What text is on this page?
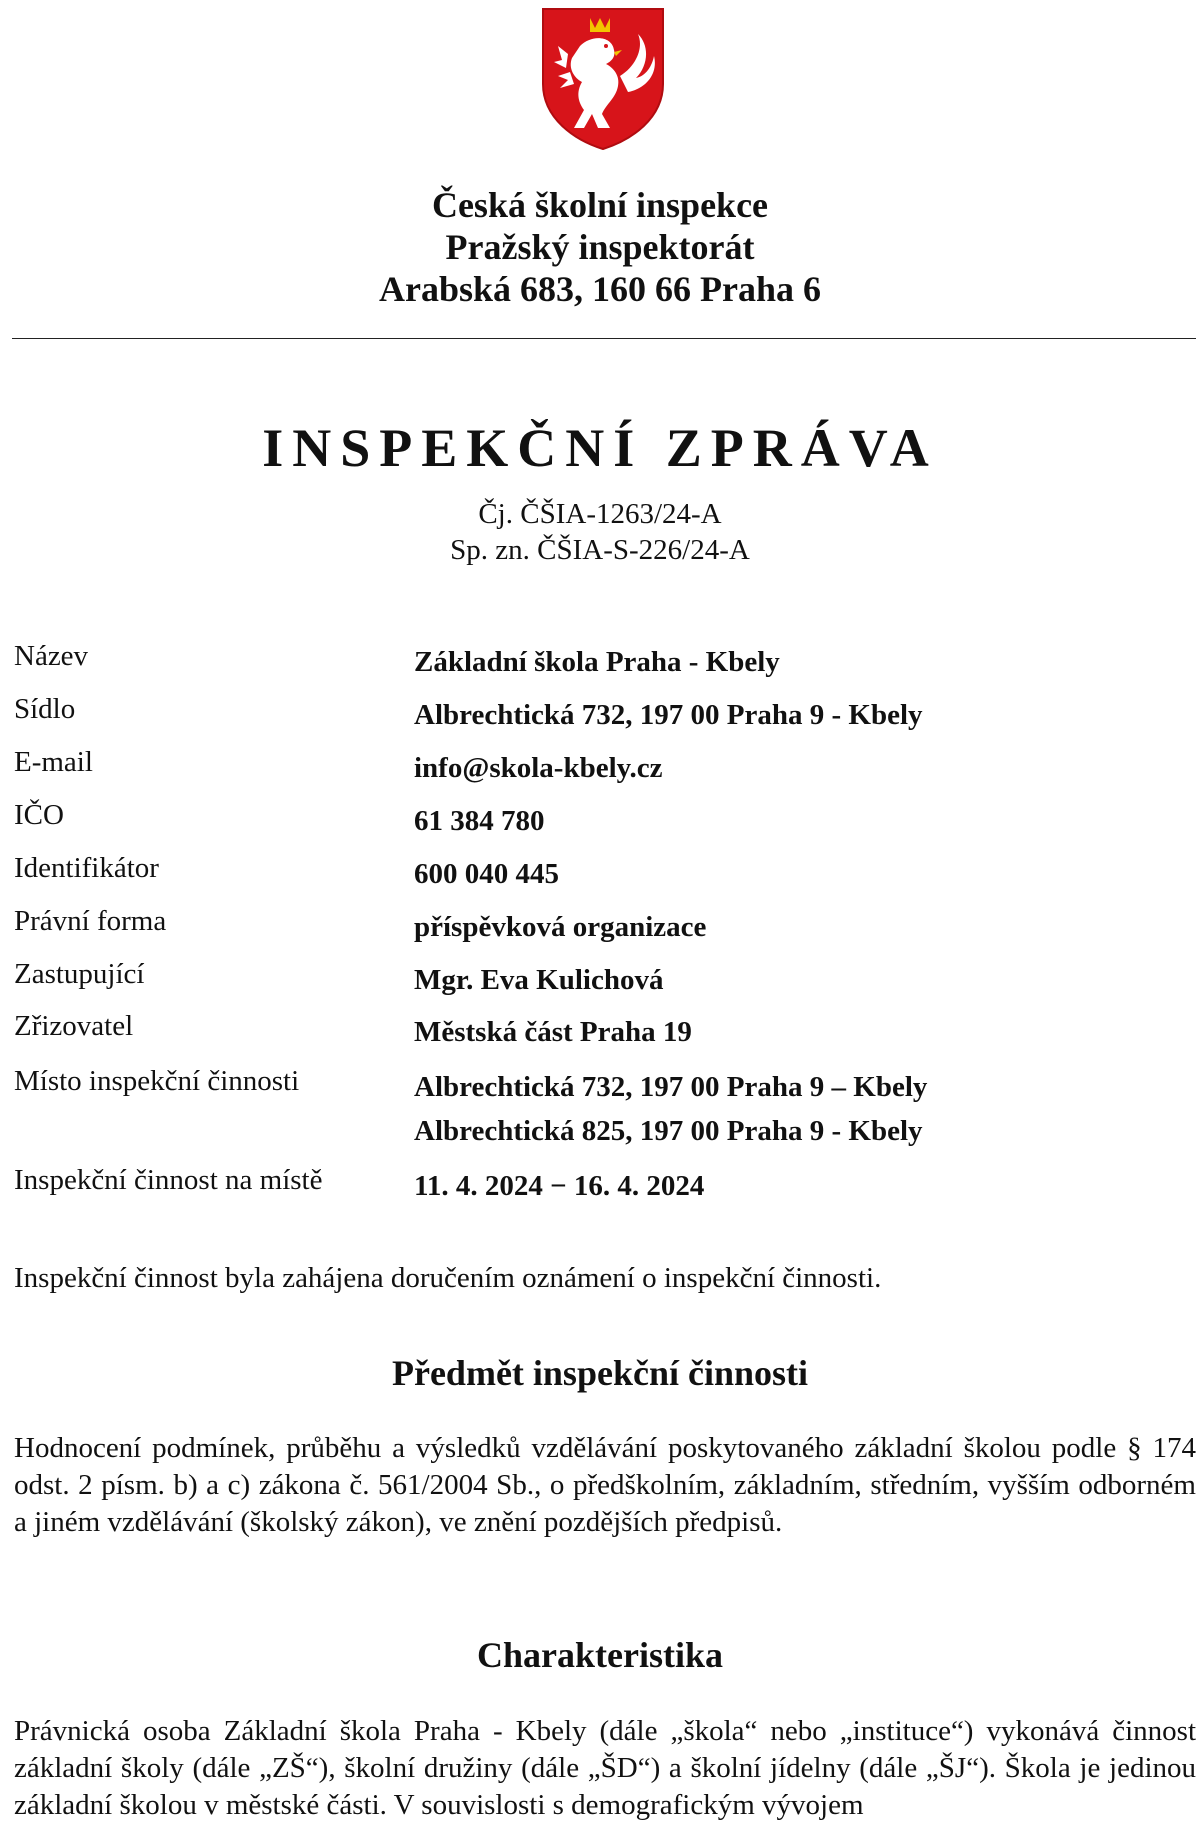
Česká školní inspekce
Pražský inspektorát
Arabská 683, 160 66 Praha 6
INSPEKČNÍ ZPRÁVA
Čj. ČŠIA-1263/24-A
Sp. zn. ČŠIA-S-226/24-A
Název	Základní škola Praha - Kbely
Sídlo	Albrechtická 732, 197 00 Praha 9 - Kbely
E-mail	info@skola-kbely.cz
IČO	61 384 780
Identifikátor	600 040 445
Právní forma	příspěvková organizace
Zastupující	Mgr. Eva Kulichová
Zřizovatel	Městská část Praha 19
Místo inspekční činnosti	Albrechtická 732, 197 00 Praha 9 – Kbely
Albrechtická 825, 197 00 Praha 9 - Kbely
Inspekční činnost na místě	11. 4. 2024 − 16. 4. 2024
Inspekční činnost byla zahájena doručením oznámení o inspekční činnosti.
Předmět inspekční činnosti
Hodnocení podmínek, průběhu a výsledků vzdělávání poskytovaného základní školou podle § 174 odst. 2 písm. b) a c) zákona č. 561/2004 Sb., o předškolním, základním, středním, vyšším odborném a jiném vzdělávání (školský zákon), ve znění pozdějších předpisů.
Charakteristika
Právnická osoba Základní škola Praha - Kbely (dále „škola“ nebo „instituce“) vykonává činnost základní školy (dále „ZŠ“), školní družiny (dále „ŠD“) a školní jídelny (dále „ŠJ“). Škola je jedinou základní školou v městské části. V souvislosti s demografickým vývojem
